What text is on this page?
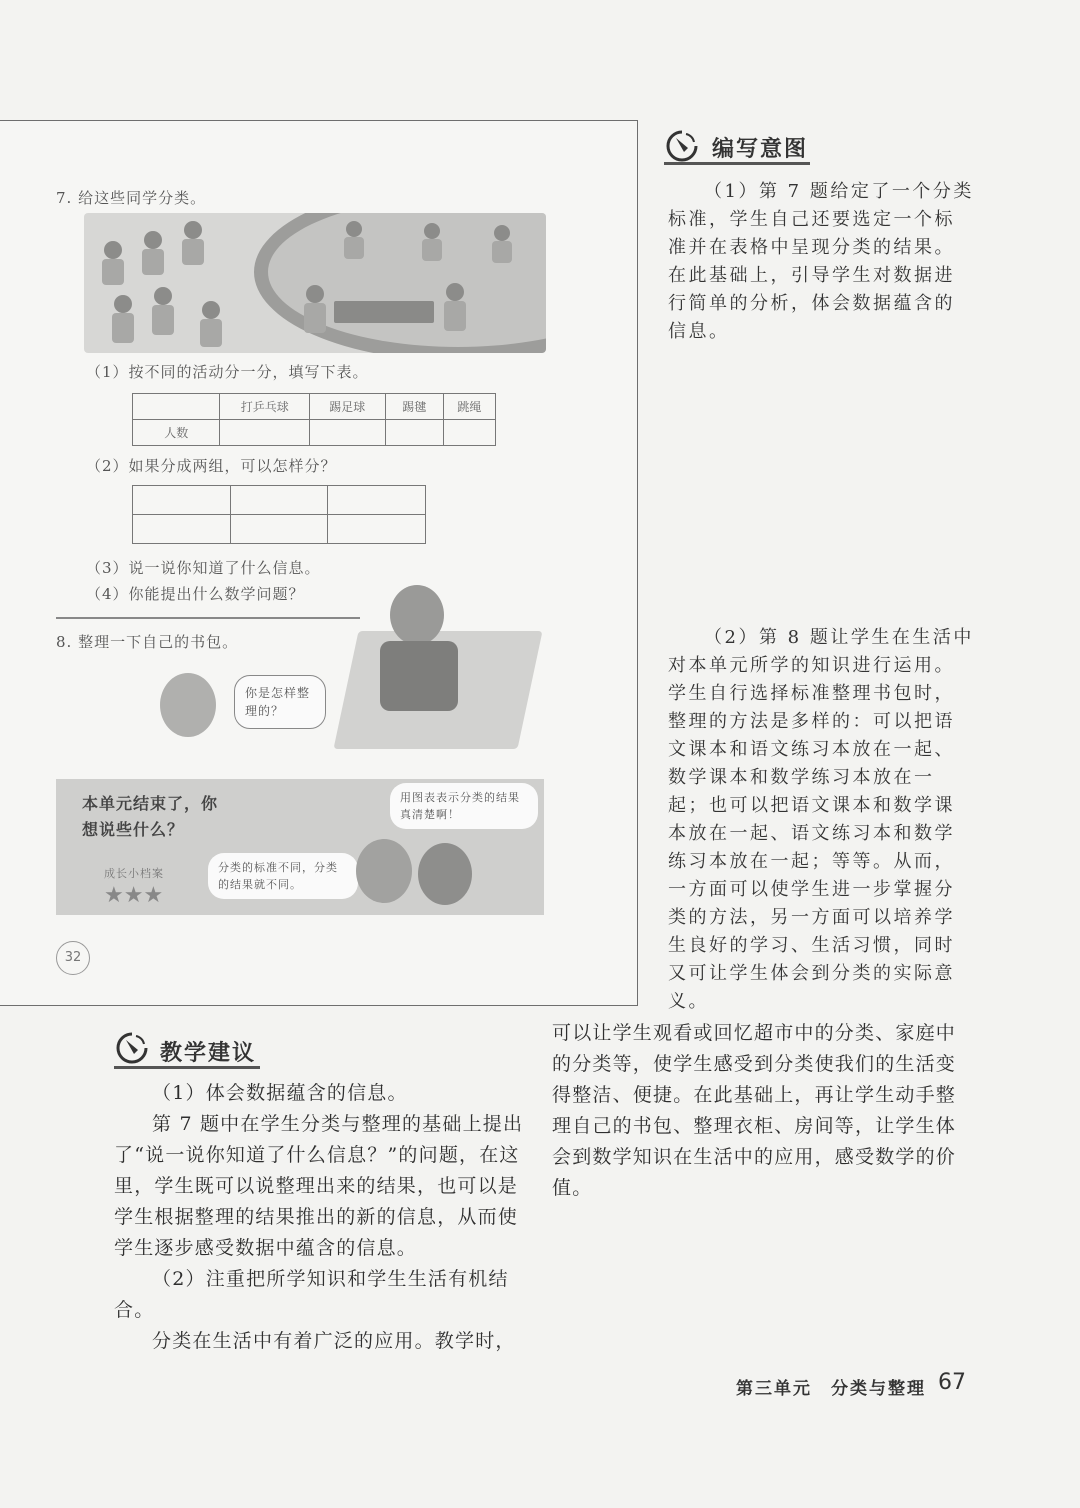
7. 给这些同学分类。
（1）按不同的活动分一分，填写下表。
	打乒乓球	踢足球	踢毽	跳绳
人数				
（2）如果分成两组，可以怎样分？

（3）说一说你知道了什么信息。
（4）你能提出什么数学问题？
8. 整理一下自己的书包。
你是怎样整理的？
本单元结束了，你想说些什么？
成长小档案
★★★
用图表表示分类的结果真清楚啊！
分类的标准不同，分类的结果就不同。
32
编写意图

（1）第 7 题给定了一个分类标准，学生自己还要选定一个标准并在表格中呈现分类的结果。在此基础上，引导学生对数据进行简单的分析，体会数据蕴含的信息。

（2）第 8 题让学生在生活中对本单元所学的知识进行运用。学生自行选择标准整理书包时，整理的方法是多样的：可以把语文课本和语文练习本放在一起、数学课本和数学练习本放在一起；也可以把语文课本和数学课本放在一起、语文练习本和数学练习本放在一起；等等。从而，一方面可以使学生进一步掌握分类的方法，另一方面可以培养学生良好的学习、生活习惯，同时又可让学生体会到分类的实际意义。

教学建议

（1）体会数据蕴含的信息。

第 7 题中在学生分类与整理的基础上提出了“说一说你知道了什么信息？”的问题，在这里，学生既可以说整理出来的结果，也可以是学生根据整理的结果推出的新的信息，从而使学生逐步感受数据中蕴含的信息。

（2）注重把所学知识和学生生活有机结合。

分类在生活中有着广泛的应用。教学时，

可以让学生观看或回忆超市中的分类、家庭中的分类等，使学生感受到分类使我们的生活变得整洁、便捷。在此基础上，再让学生动手整理自己的书包、整理衣柜、房间等，让学生体会到数学知识在生活中的应用，感受数学的价值。

第三单元　分类与整理 67
